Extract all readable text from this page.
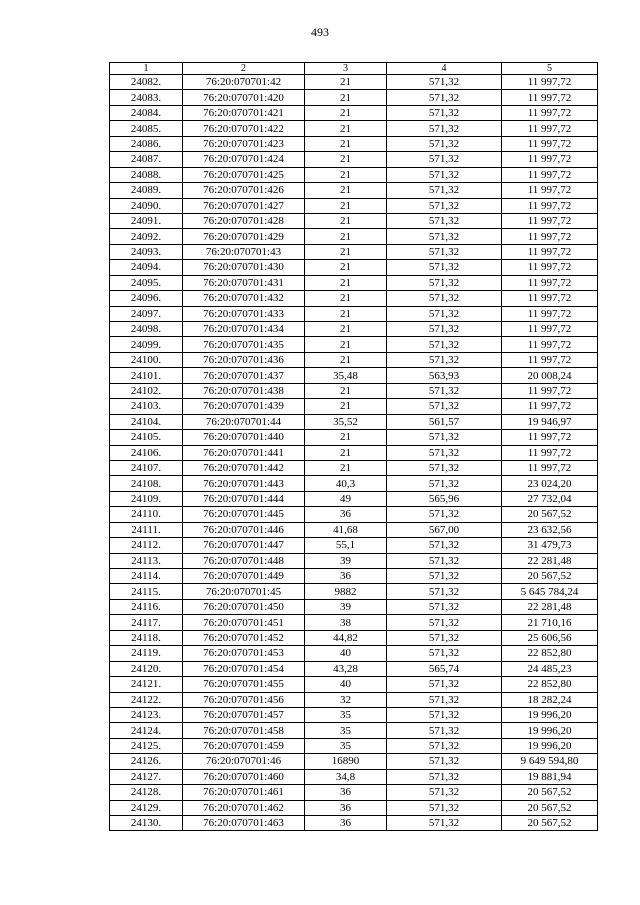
493
1	2	3	4	5
24082.	76:20:070701:42	21	571,32	11 997,72
24083.	76:20:070701:420	21	571,32	11 997,72
24084.	76:20:070701:421	21	571,32	11 997,72
24085.	76:20:070701:422	21	571,32	11 997,72
24086.	76:20:070701:423	21	571,32	11 997,72
24087.	76:20:070701:424	21	571,32	11 997,72
24088.	76:20:070701:425	21	571,32	11 997,72
24089.	76:20:070701:426	21	571,32	11 997,72
24090.	76:20:070701:427	21	571,32	11 997,72
24091.	76:20:070701:428	21	571,32	11 997,72
24092.	76:20:070701:429	21	571,32	11 997,72
24093.	76:20:070701:43	21	571,32	11 997,72
24094.	76:20:070701:430	21	571,32	11 997,72
24095.	76:20:070701:431	21	571,32	11 997,72
24096.	76:20:070701:432	21	571,32	11 997,72
24097.	76:20:070701:433	21	571,32	11 997,72
24098.	76:20:070701:434	21	571,32	11 997,72
24099.	76:20:070701:435	21	571,32	11 997,72
24100.	76:20:070701:436	21	571,32	11 997,72
24101.	76:20:070701:437	35,48	563,93	20 008,24
24102.	76:20:070701:438	21	571,32	11 997,72
24103.	76:20:070701:439	21	571,32	11 997,72
24104.	76:20:070701:44	35,52	561,57	19 946,97
24105.	76:20:070701:440	21	571,32	11 997,72
24106.	76:20:070701:441	21	571,32	11 997,72
24107.	76:20:070701:442	21	571,32	11 997,72
24108.	76:20:070701:443	40,3	571,32	23 024,20
24109.	76:20:070701:444	49	565,96	27 732,04
24110.	76:20:070701:445	36	571,32	20 567,52
24111.	76:20:070701:446	41,68	567,00	23 632,56
24112.	76:20:070701:447	55,1	571,32	31 479,73
24113.	76:20:070701:448	39	571,32	22 281,48
24114.	76:20:070701:449	36	571,32	20 567,52
24115.	76:20:070701:45	9882	571,32	5 645 784,24
24116.	76:20:070701:450	39	571,32	22 281,48
24117.	76:20:070701:451	38	571,32	21 710,16
24118.	76:20:070701:452	44,82	571,32	25 606,56
24119.	76:20:070701:453	40	571,32	22 852,80
24120.	76:20:070701:454	43,28	565,74	24 485,23
24121.	76:20:070701:455	40	571,32	22 852,80
24122.	76:20:070701:456	32	571,32	18 282,24
24123.	76:20:070701:457	35	571,32	19 996,20
24124.	76:20:070701:458	35	571,32	19 996,20
24125.	76:20:070701:459	35	571,32	19 996,20
24126.	76:20:070701:46	16890	571,32	9 649 594,80
24127.	76:20:070701:460	34,8	571,32	19 881,94
24128.	76:20:070701:461	36	571,32	20 567,52
24129.	76:20:070701:462	36	571,32	20 567,52
24130.	76:20:070701:463	36	571,32	20 567,52
